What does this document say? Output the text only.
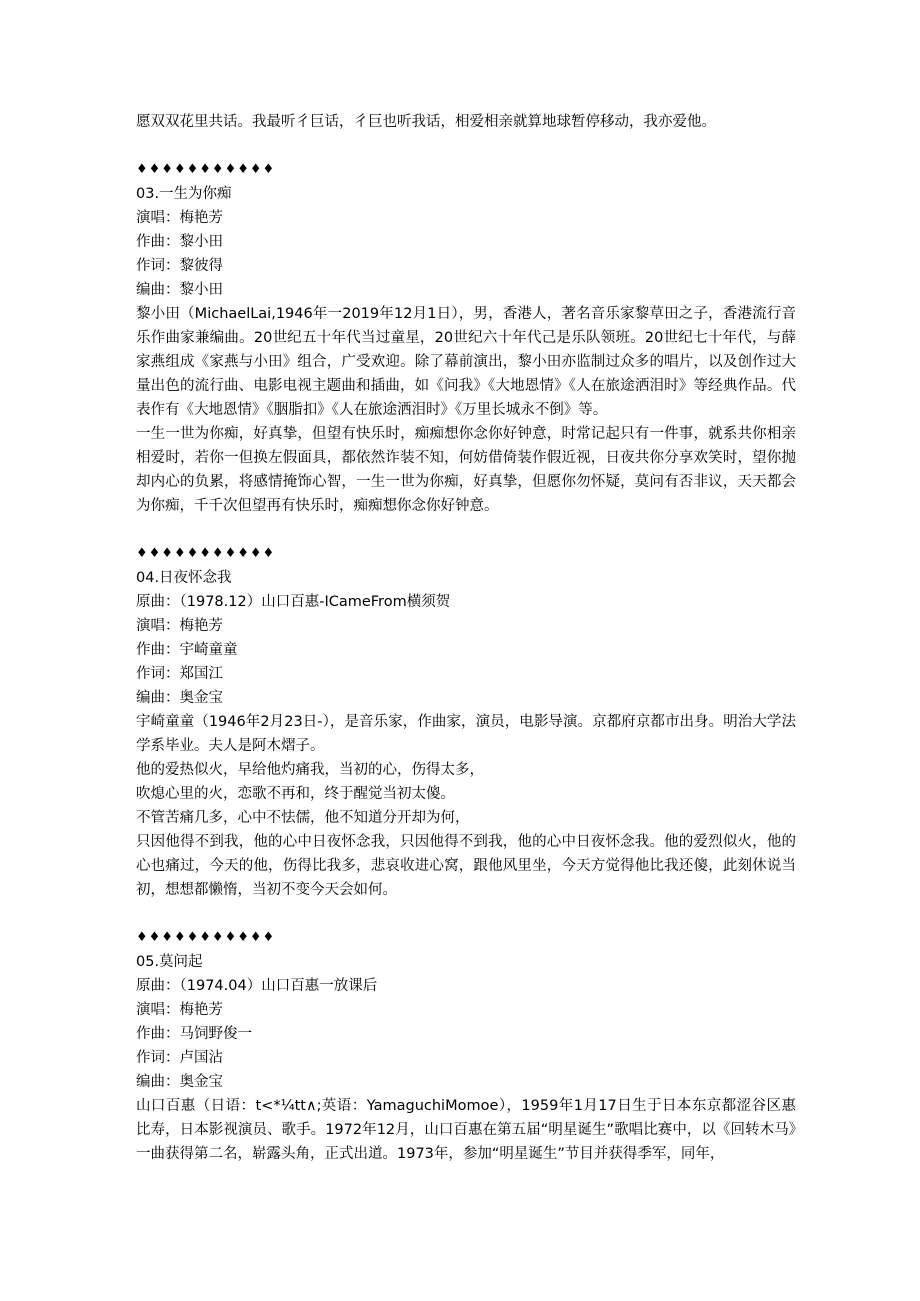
愿双双花里共话。我最听彳巨话，彳巨也听我话，相爱相亲就算地球暂停移动，我亦爱他。
♦♦♦♦♦♦♦♦♦♦♦
03.一生为你痴
演唱：梅艳芳
作曲：黎小田
作词：黎彼得
编曲：黎小田
黎小田（MichaelLai,1946年一2019年12月1日），男，香港人，著名音乐家黎草田之子，香港流行音乐作曲家兼编曲。20世纪五十年代当过童星，20世纪六十年代己是乐队领班。20世纪七十年代，与薛家燕组成《家燕与小田》组合，广受欢迎。除了幕前演出，黎小田亦监制过众多的唱片，以及创作过大量出色的流行曲、电影电视主题曲和插曲，如《问我》《大地恩情》《人在旅途洒泪时》等经典作品。代表作有《大地恩情》《胭脂扣》《人在旅途洒泪时》《万里长城永不倒》等。
一生一世为你痴，好真挚，但望有快乐时，痴痴想你念你好钟意，时常记起只有一件事，就系共你相亲相爱时，若你一但换左假面具，都依然诈装不知，何妨借倚装作假近视，日夜共你分享欢笑时，望你抛却内心的负累，将感情掩饰心智，一生一世为你痴，好真挚，但愿你勿怀疑，莫问有否非议，天天都会为你痴，千千次但望再有快乐时，痴痴想你念你好钟意。
♦♦♦♦♦♦♦♦♦♦♦
04.日夜怀念我
原曲：（1978.12）山口百惠-ICameFrom横须贺
演唱：梅艳芳
作曲：宇崎童童
作词：郑国江
编曲：奥金宝
宇崎童童（1946年2月23日-），是音乐家，作曲家，演员，电影导演。京都府京都市出身。明治大学法学系毕业。夫人是阿木熠子。
他的爱热似火，早给他灼痛我，当初的心，伤得太多，
吹熄心里的火，恋歌不再和，终于醒觉当初太傻。
不管苦痛几多，心中不怯儒，他不知道分开却为何，
只因他得不到我，他的心中日夜怀念我，只因他得不到我，他的心中日夜怀念我。他的爱烈似火，他的心也痛过，今天的他，伤得比我多，悲哀收进心窝，跟他风里坐，今天方觉得他比我还傻，此刻休说当初，想想都懒惰，当初不变今天会如何。
♦♦♦♦♦♦♦♦♦♦♦
05.莫问起
原曲：（1974.04）山口百惠一放课后
演唱：梅艳芳
作曲：马饲野俊一
作词：卢国沾
编曲：奥金宝
山口百惠（日语：t<*¼tt∧;英语：YamaguchiMomoe），1959年1月17日生于日本东京都涩谷区惠比寿，日本影视演员、歌手。1972年12月，山口百惠在第五届“明星诞生”歌唱比赛中，以《回转木马》一曲获得第二名，崭露头角，正式出道。1973年，参加“明星诞生”节目并获得季军，同年，
